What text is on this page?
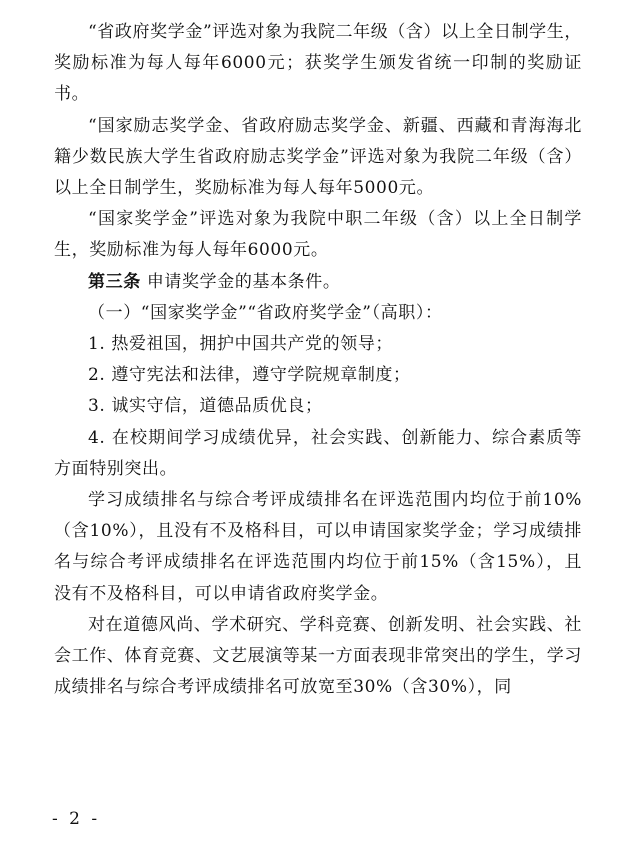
“省政府奖学金”评选对象为我院二年级（含）以上全日制学生，奖励标准为每人每年6000元；获奖学生颁发省统一印制的奖励证书。

“国家励志奖学金、省政府励志奖学金、新疆、西藏和青海海北籍少数民族大学生省政府励志奖学金”评选对象为我院二年级（含）以上全日制学生，奖励标准为每人每年5000元。

“国家奖学金”评选对象为我院中职二年级（含）以上全日制学生，奖励标准为每人每年6000元。

第三条 申请奖学金的基本条件。

（一）“国家奖学金”“省政府奖学金”（高职）：

1. 热爱祖国，拥护中国共产党的领导；

2. 遵守宪法和法律，遵守学院规章制度；

3. 诚实守信，道德品质优良；

4. 在校期间学习成绩优异，社会实践、创新能力、综合素质等方面特别突出。

学习成绩排名与综合考评成绩排名在评选范围内均位于前10%（含10%），且没有不及格科目，可以申请国家奖学金；学习成绩排名与综合考评成绩排名在评选范围内均位于前15%（含15%），且没有不及格科目，可以申请省政府奖学金。

对在道德风尚、学术研究、学科竞赛、创新发明、社会实践、社会工作、体育竞赛、文艺展演等某一方面表现非常突出的学生，学习成绩排名与综合考评成绩排名可放宽至30%（含30%），同

- 2 -
